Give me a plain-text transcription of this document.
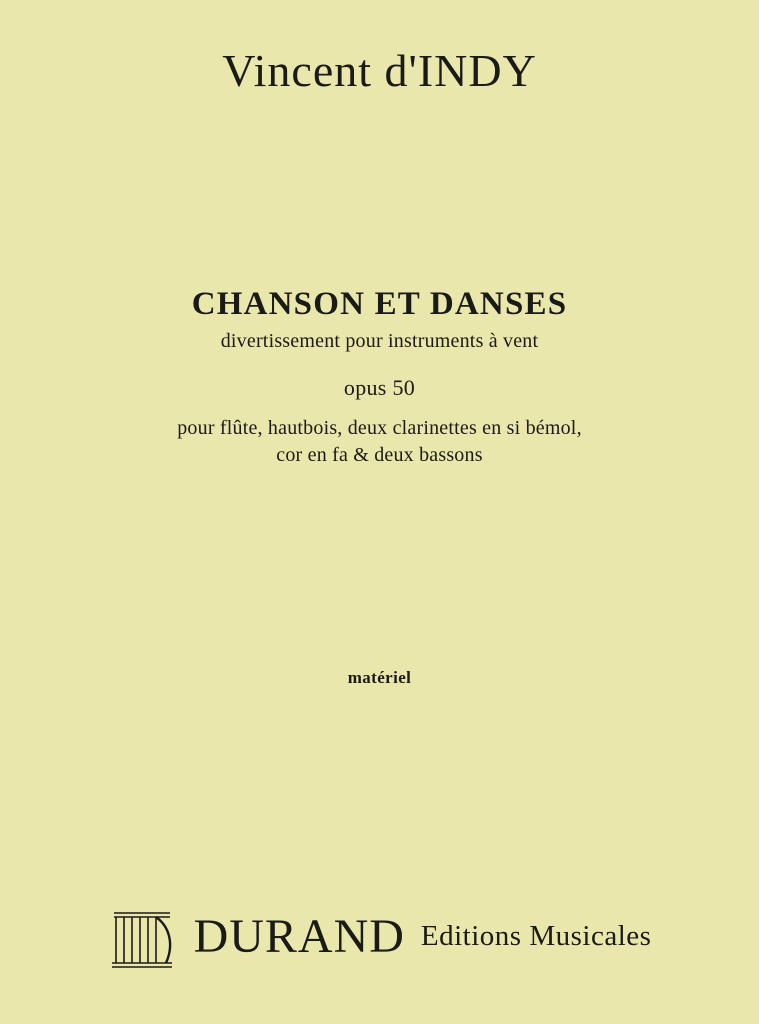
Vincent d'INDY
CHANSON ET DANSES
divertissement pour instruments à vent
opus 50
pour flûte, hautbois, deux clarinettes en si bémol,
cor en fa & deux bassons
matériel
DURAND Editions Musicales
